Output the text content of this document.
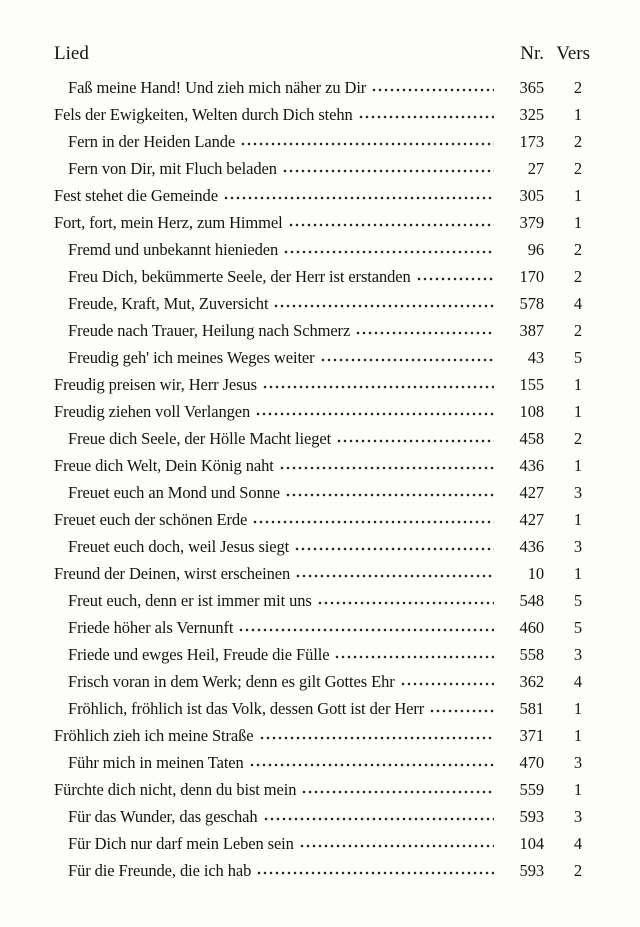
Lied	Nr. Vers
Faß meine Hand! Und zieh mich näher zu Dir	365	2
Fels der Ewigkeiten, Welten durch Dich stehn	325	1
Fern in der Heiden Lande	173	2
Fern von Dir, mit Fluch beladen	27	2
Fest stehet die Gemeinde	305	1
Fort, fort, mein Herz, zum Himmel	379	1
Fremd und unbekannt hienieden	96	2
Freu Dich, bekümmerte Seele, der Herr ist erstanden	170	2
Freude, Kraft, Mut, Zuversicht	578	4
Freude nach Trauer, Heilung nach Schmerz	387	2
Freudig geh' ich meines Weges weiter	43	5
Freudig preisen wir, Herr Jesus	155	1
Freudig ziehen voll Verlangen	108	1
Freue dich Seele, der Hölle Macht lieget	458	2
Freue dich Welt, Dein König naht	436	1
Freuet euch an Mond und Sonne	427	3
Freuet euch der schönen Erde	427	1
Freuet euch doch, weil Jesus siegt	436	3
Freund der Deinen, wirst erscheinen	10	1
Freut euch, denn er ist immer mit uns	548	5
Friede höher als Vernunft	460	5
Friede und ewges Heil, Freude die Fülle	558	3
Frisch voran in dem Werk; denn es gilt Gottes Ehr	362	4
Fröhlich, fröhlich ist das Volk, dessen Gott ist der Herr	581	1
Fröhlich zieh ich meine Straße	371	1
Führ mich in meinen Taten	470	3
Fürchte dich nicht, denn du bist mein	559	1
Für das Wunder, das geschah	593	3
Für Dich nur darf mein Leben sein	104	4
Für die Freunde, die ich hab	593	2
